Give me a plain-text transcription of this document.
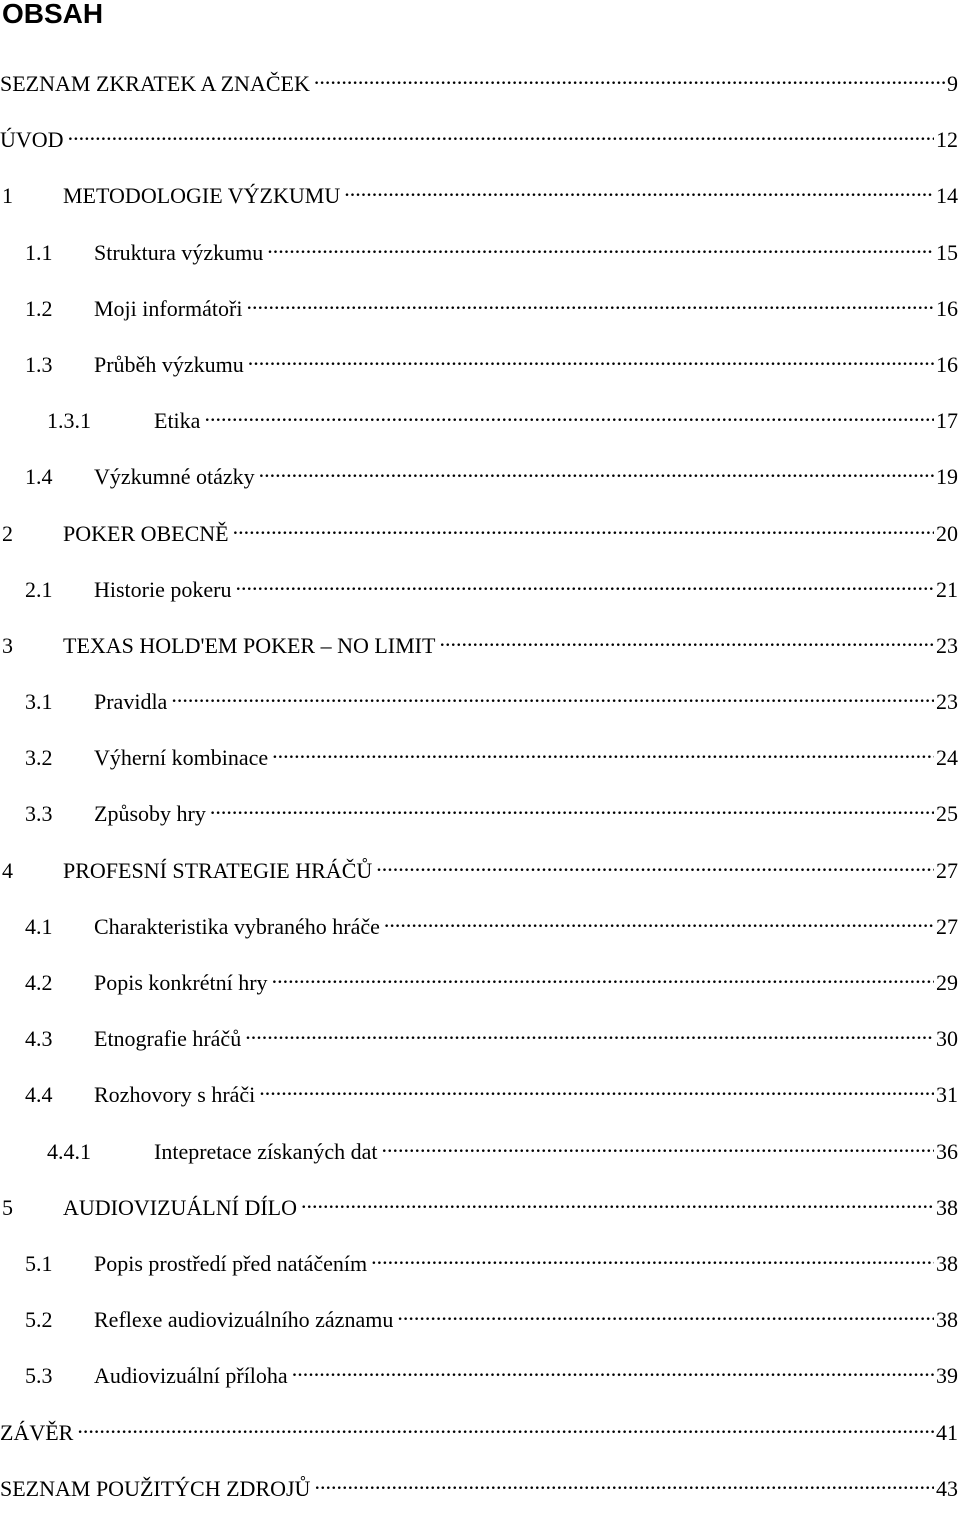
OBSAH
SEZNAM ZKRATEK A ZNAČEK .....	9
ÚVOD .....	12
1	METODOLOGIE VÝZKUMU .....	14
1.1	Struktura výzkumu .....	15
1.2	Moji informátoři .....	16
1.3	Průběh výzkumu .....	16
1.3.1	Etika .....	17
1.4	Výzkumné otázky .....	19
2	POKER OBECNĚ .....	20
2.1	Historie pokeru .....	21
3	TEXAS HOLD'EM POKER – NO LIMIT .....	23
3.1	Pravidla .....	23
3.2	Výherní kombinace .....	24
3.3	Způsoby hry .....	25
4	PROFESNÍ STRATEGIE HRÁČŮ .....	27
4.1	Charakteristika vybraného hráče .....	27
4.2	Popis konkrétní hry .....	29
4.3	Etnografie hráčů .....	30
4.4	Rozhovory s hráči .....	31
4.4.1	Intepretace získaných dat .....	36
5	AUDIOVIZUÁLNÍ DÍLO .....	38
5.1	Popis prostředí před natáčením .....	38
5.2	Reflexe audiovizuálního záznamu .....	38
5.3	Audiovizuální příloha .....	39
ZÁVĚR .....	41
SEZNAM POUŽITÝCH ZDROJŮ .....	43
